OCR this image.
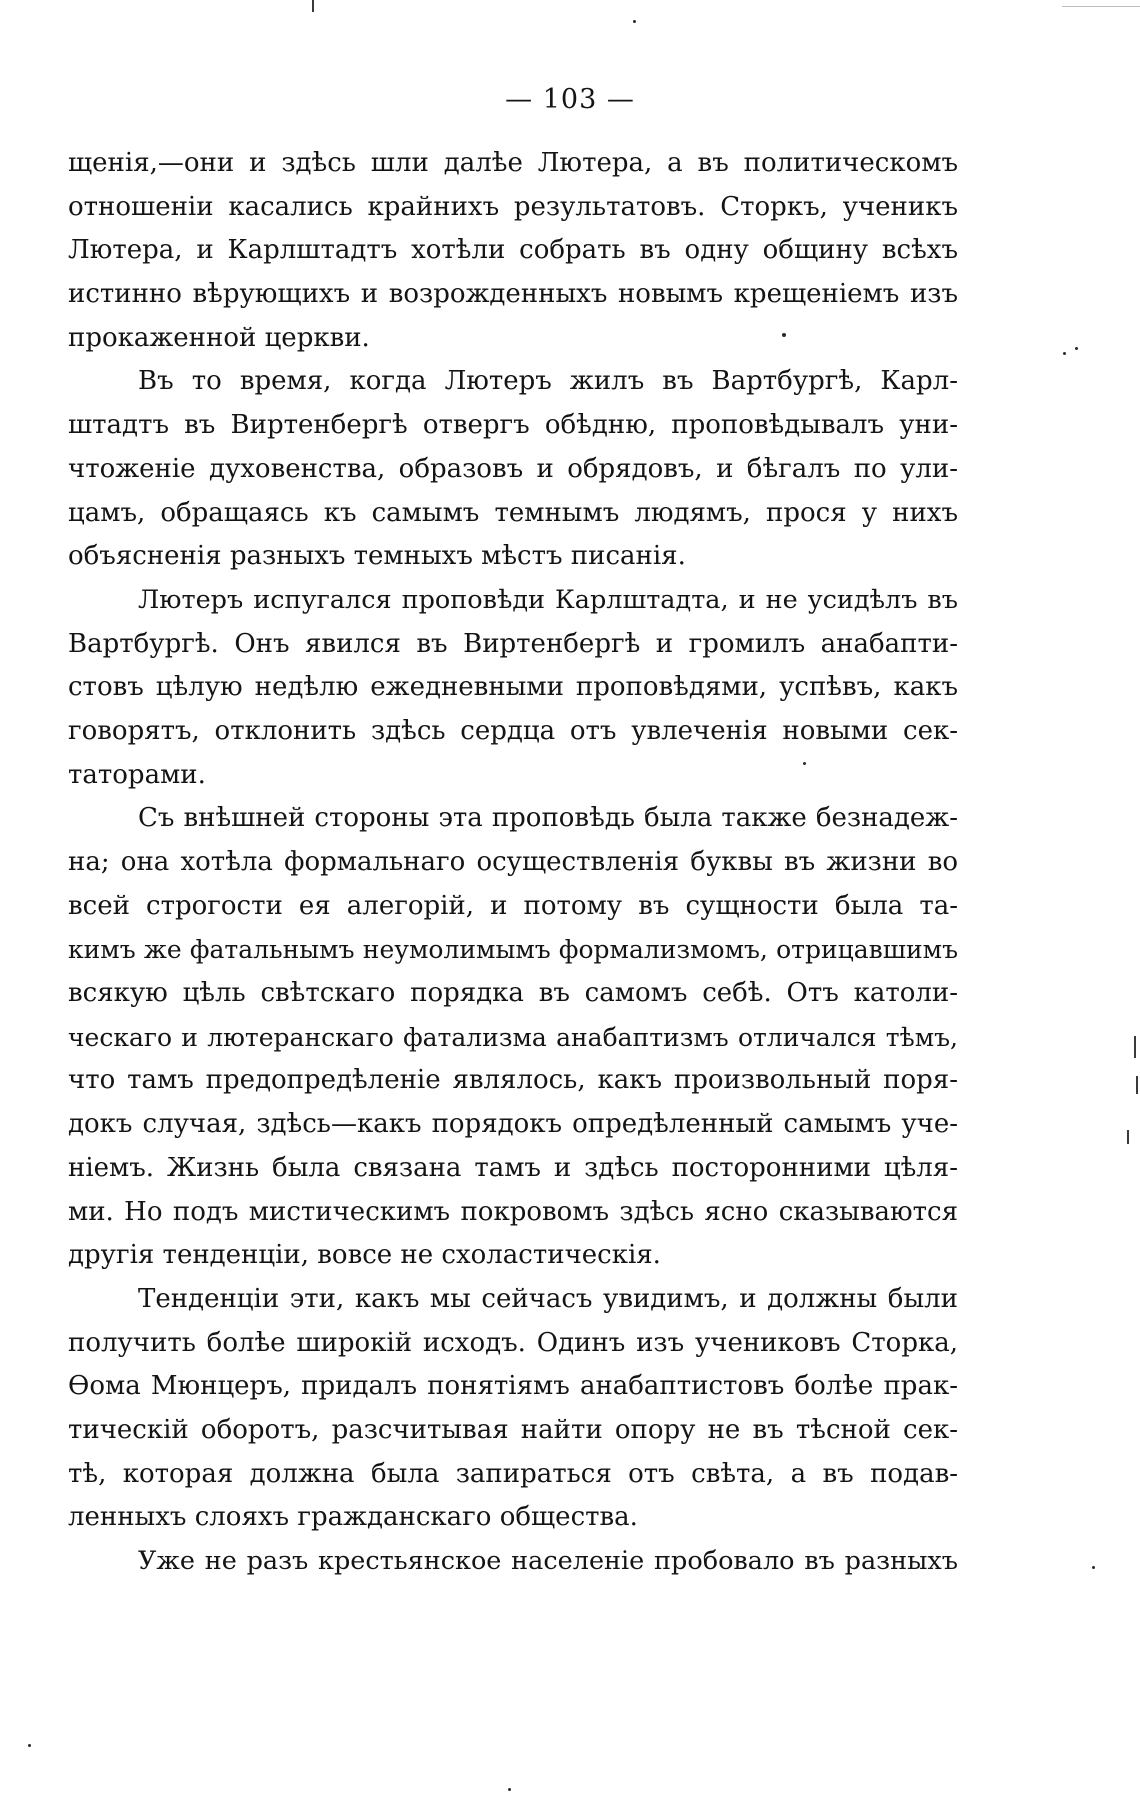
— 103 —
щенія,—они и здѣсь шли далѣе Лютера, а въ политическомъ
отношеніи касались крайнихъ результатовъ. Сторкъ, ученикъ
Лютера, и Карлштадтъ хотѣли собрать въ одну общину всѣхъ
истинно вѣрующихъ и возрожденныхъ новымъ крещеніемъ изъ
прокаженной церкви.
Въ то время, когда Лютеръ жилъ въ Вартбургѣ, Карл-
штадтъ въ Виртенбергѣ отвергъ обѣдню, проповѣдывалъ уни-
чтоженіе духовенства, образовъ и обрядовъ, и бѣгалъ по ули-
цамъ, обращаясь къ самымъ темнымъ людямъ, прося у нихъ
объясненія разныхъ темныхъ мѣстъ писанія.
Лютеръ испугался проповѣди Карлштадта, и не усидѣлъ въ
Вартбургѣ. Онъ явился въ Виртенбергѣ и громилъ анабапти-
стовъ цѣлую недѣлю ежедневными проповѣдями, успѣвъ, какъ
говорятъ, отклонить здѣсь сердца отъ увлеченія новыми сек-
таторами.
Съ внѣшней стороны эта проповѣдь была также безнадеж-
на; она хотѣла формальнаго осуществленія буквы въ жизни во
всей строгости ея алегорій, и потому въ сущности была та-
кимъ же фатальнымъ неумолимымъ формализмомъ, отрицавшимъ
всякую цѣль свѣтскаго порядка въ самомъ себѣ. Отъ католи-
ческаго и лютеранскаго фатализма анабаптизмъ отличался тѣмъ,
что тамъ предопредѣленіе являлось, какъ произвольный поря-
докъ случая, здѣсь—какъ порядокъ опредѣленный самымъ уче-
ніемъ. Жизнь была связана тамъ и здѣсь посторонними цѣля-
ми. Но подъ мистическимъ покровомъ здѣсь ясно сказываются
другія тенденціи, вовсе не схоластическія.
Тенденціи эти, какъ мы сейчасъ увидимъ, и должны были
получить болѣе широкій исходъ. Одинъ изъ учениковъ Сторка,
Ѳома Мюнцеръ, придалъ понятіямъ анабаптистовъ болѣе прак-
тическій оборотъ, разсчитывая найти опору не въ тѣсной сек-
тѣ, которая должна была запираться отъ свѣта, а въ подав-
ленныхъ слояхъ гражданскаго общества.
Уже не разъ крестьянское населеніе пробовало въ разныхъ
